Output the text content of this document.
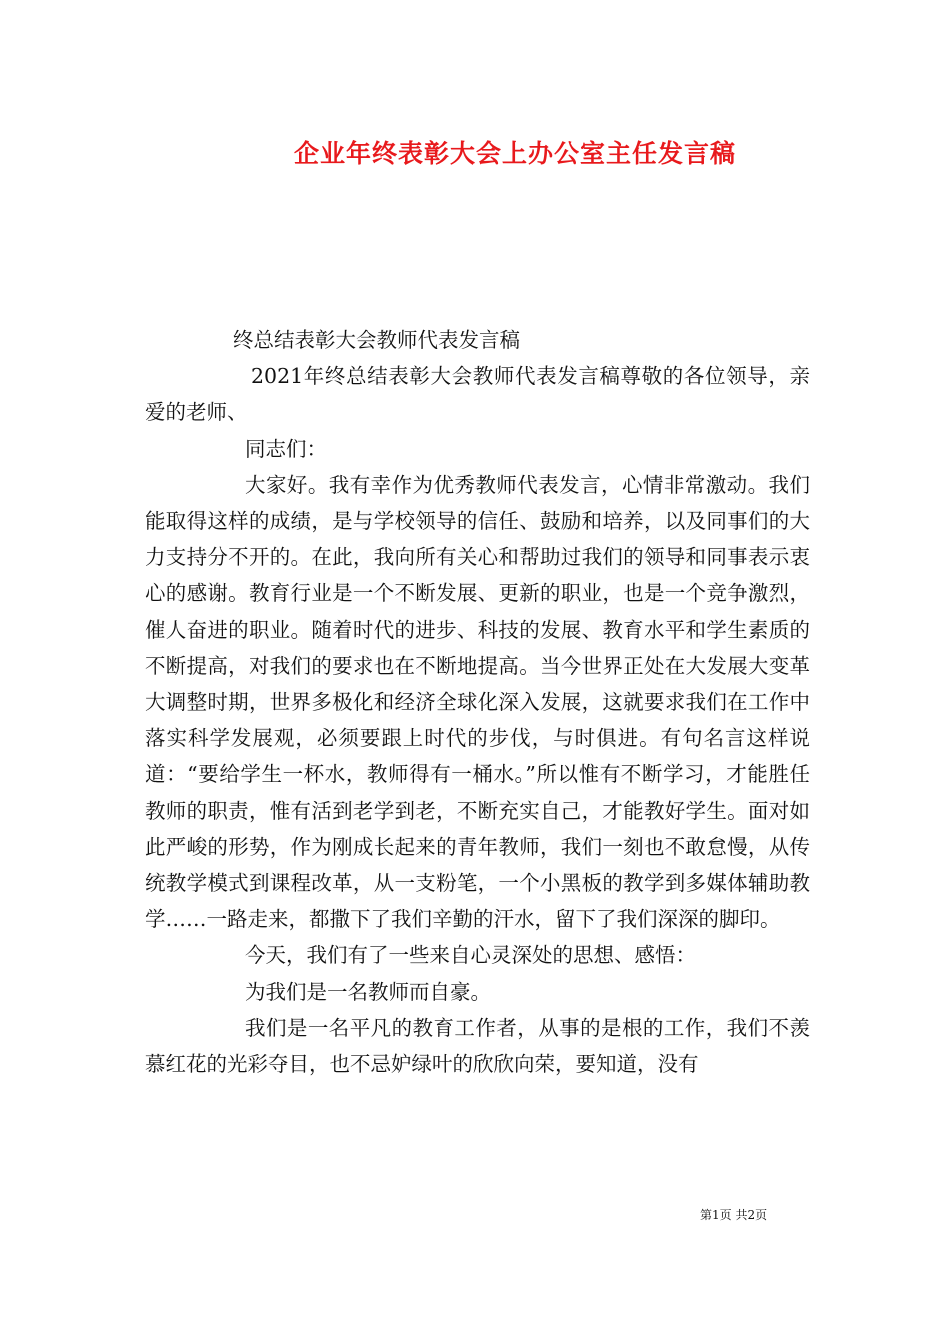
企业年终表彰大会上办公室主任发言稿

终总结表彰大会教师代表发言稿

2021年终总结表彰大会教师代表发言稿尊敬的各位领导，亲爱的老师、

同志们：

大家好。我有幸作为优秀教师代表发言，心情非常激动。我们能取得这样的成绩，是与学校领导的信任、鼓励和培养，以及同事们的大力支持分不开的。在此，我向所有关心和帮助过我们的领导和同事表示衷心的感谢。教育行业是一个不断发展、更新的职业，也是一个竞争激烈，催人奋进的职业。随着时代的进步、科技的发展、教育水平和学生素质的不断提高，对我们的要求也在不断地提高。当今世界正处在大发展大变革大调整时期，世界多极化和经济全球化深入发展，这就要求我们在工作中落实科学发展观，必须要跟上时代的步伐，与时俱进。有句名言这样说道：“要给学生一杯水，教师得有一桶水。”所以惟有不断学习，才能胜任教师的职责，惟有活到老学到老，不断充实自己，才能教好学生。面对如此严峻的形势，作为刚成长起来的青年教师，我们一刻也不敢怠慢，从传统教学模式到课程改革，从一支粉笔，一个小黑板的教学到多媒体辅助教学……一路走来，都撒下了我们辛勤的汗水，留下了我们深深的脚印。

今天，我们有了一些来自心灵深处的思想、感悟：

为我们是一名教师而自豪。

我们是一名平凡的教育工作者，从事的是根的工作，我们不羡慕红花的光彩夺目，也不忌妒绿叶的欣欣向荣，要知道，没有

第1页 共2页
